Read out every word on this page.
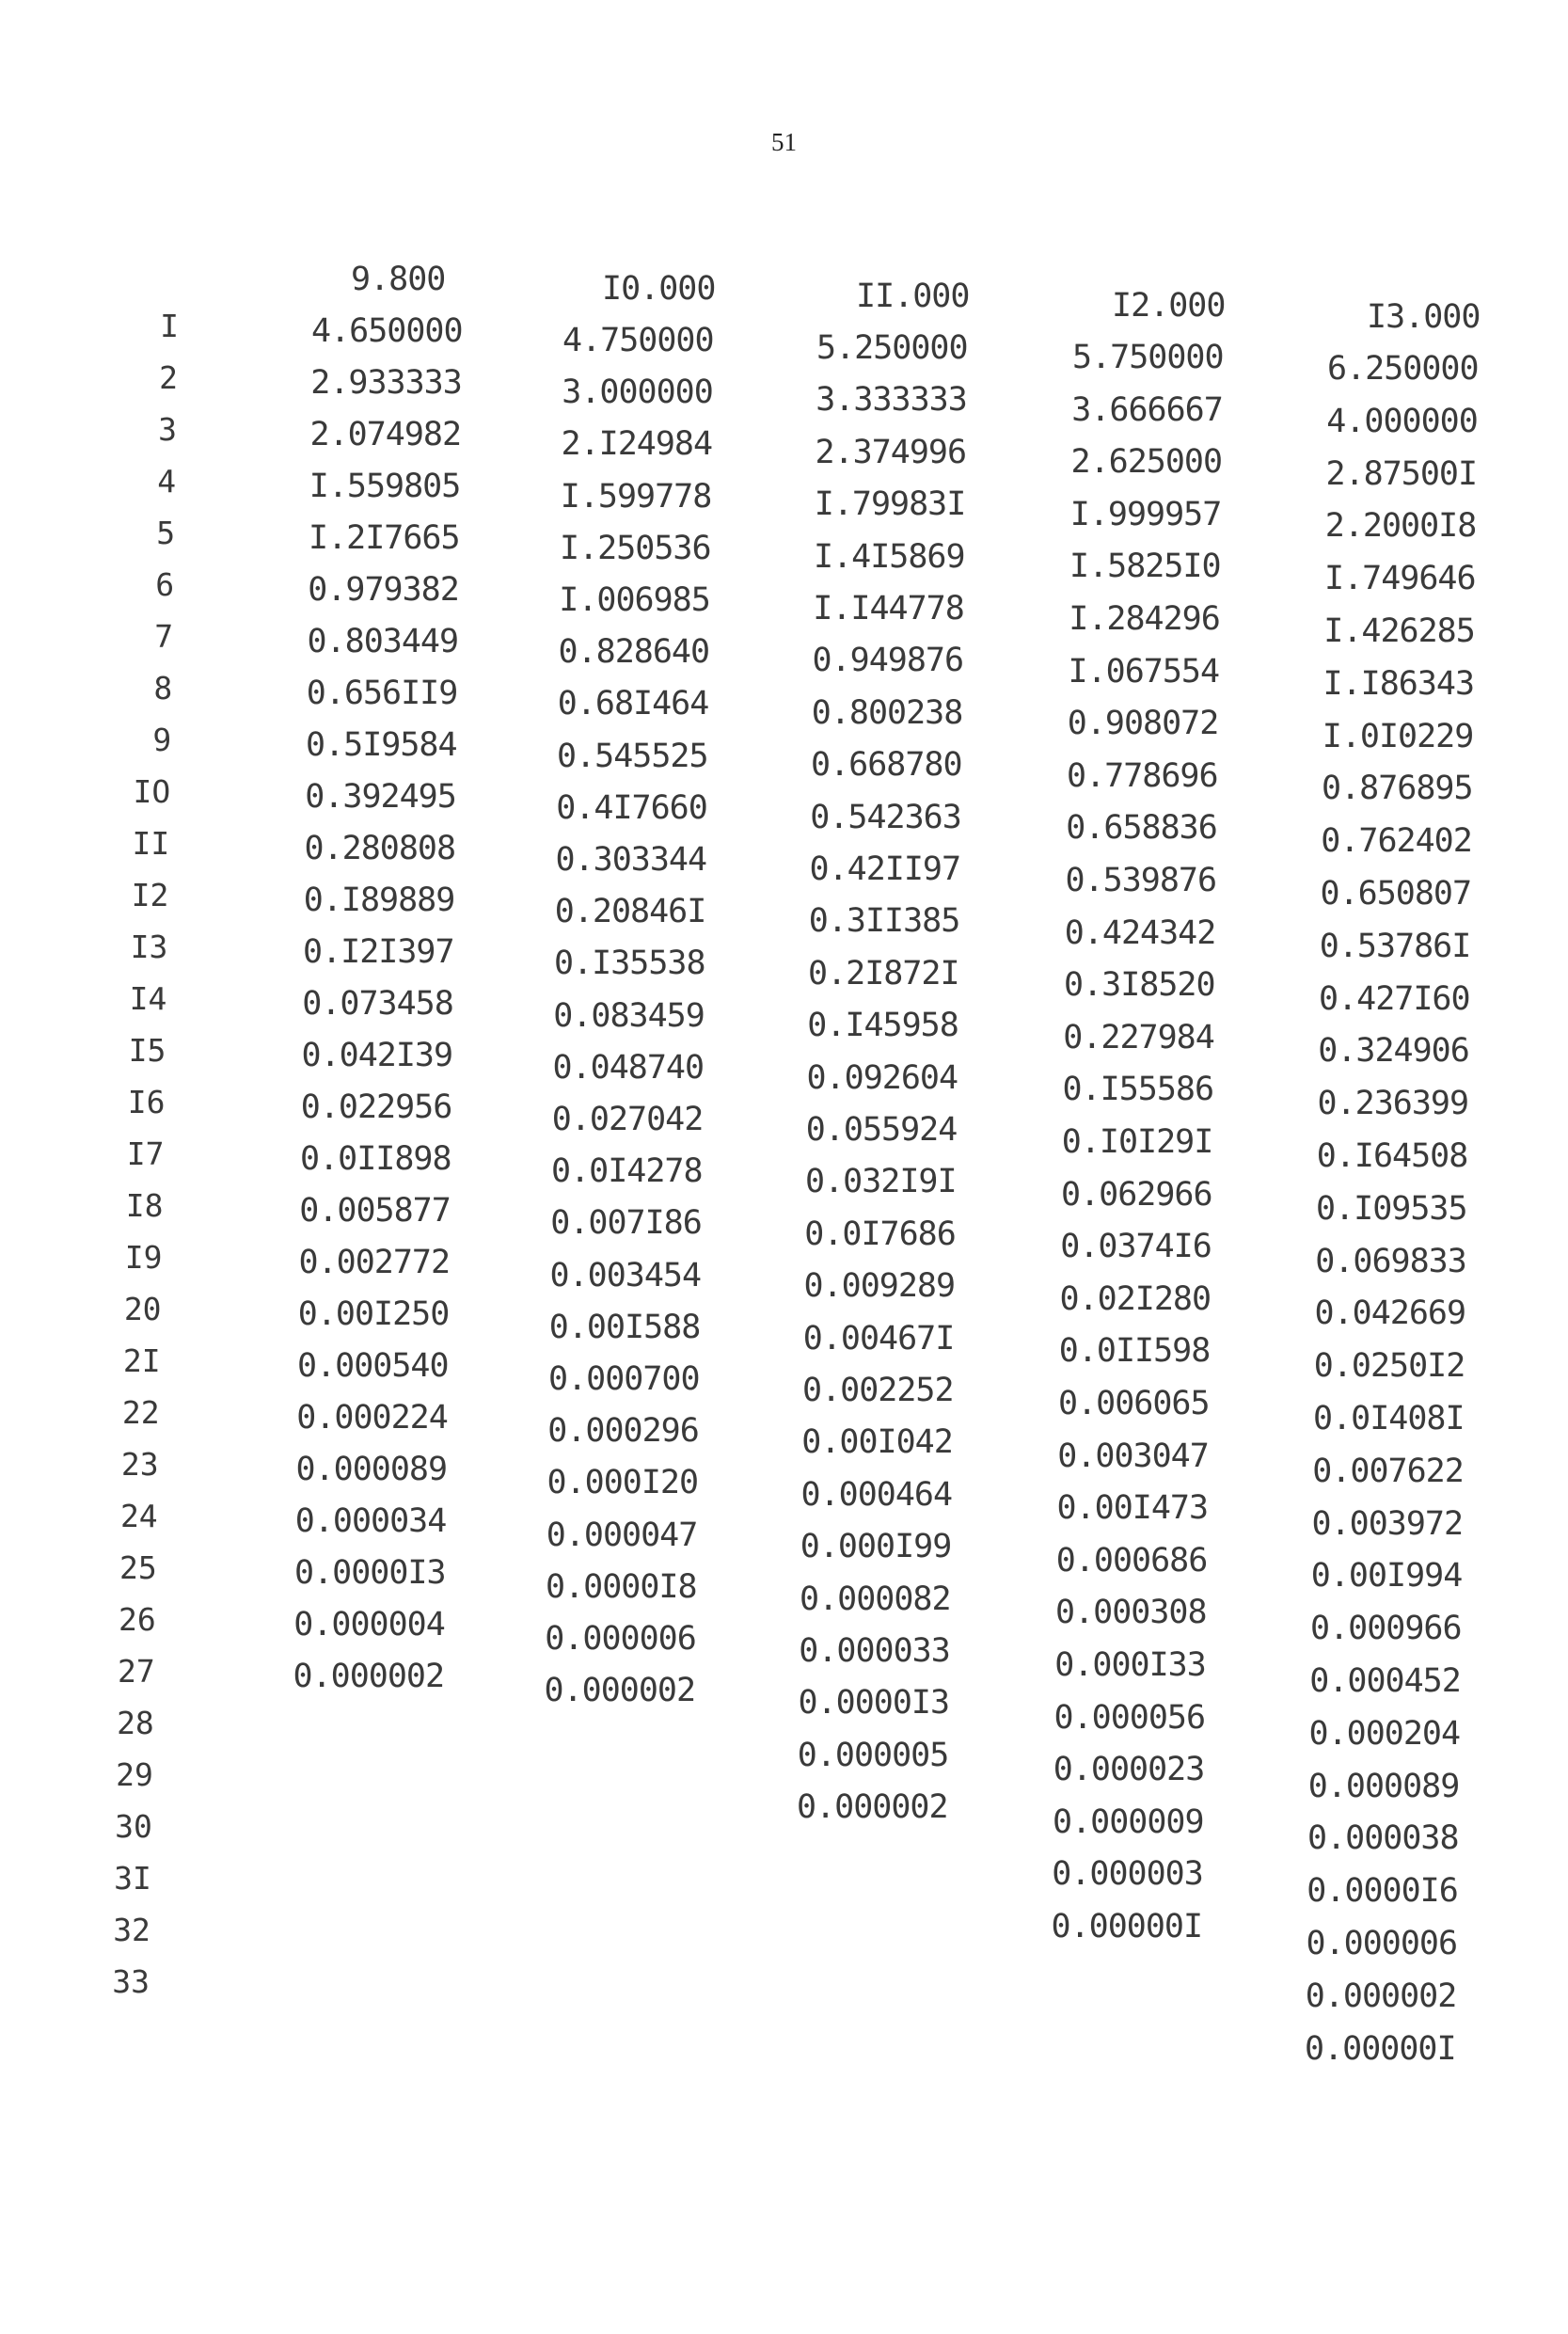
51
I
2
3
4
5
6
7
8
9
IO
II
I2
I3
I4
I5
I6
I7
I8
I9
20
2I
22
23
24
25
26
27
28
29
30
3I
32
33
9.800
4.650000
2.933333
2.074982
I.559805
I.2I7665
0.979382
0.803449
0.656II9
0.5I9584
0.392495
0.280808
0.I89889
0.I2I397
0.073458
0.042I39
0.022956
0.0II898
0.005877
0.002772
0.00I250
0.000540
0.000224
0.000089
0.000034
0.0000I3
0.000004
0.000002
I0.000
4.750000
3.000000
2.I24984
I.599778
I.250536
I.006985
0.828640
0.68I464
0.545525
0.4I7660
0.303344
0.20846I
0.I35538
0.083459
0.048740
0.027042
0.0I4278
0.007I86
0.003454
0.00I588
0.000700
0.000296
0.000I20
0.000047
0.0000I8
0.000006
0.000002
II.000
5.250000
3.333333
2.374996
I.79983I
I.4I5869
I.I44778
0.949876
0.800238
0.668780
0.542363
0.42II97
0.3II385
0.2I872I
0.I45958
0.092604
0.055924
0.032I9I
0.0I7686
0.009289
0.00467I
0.002252
0.00I042
0.000464
0.000I99
0.000082
0.000033
0.0000I3
0.000005
0.000002
I2.000
5.750000
3.666667
2.625000
I.999957
I.5825I0
I.284296
I.067554
0.908072
0.778696
0.658836
0.539876
0.424342
0.3I8520
0.227984
0.I55586
0.I0I29I
0.062966
0.0374I6
0.02I280
0.0II598
0.006065
0.003047
0.00I473
0.000686
0.000308
0.000I33
0.000056
0.000023
0.000009
0.000003
0.00000I
I3.000
6.250000
4.000000
2.87500I
2.2000I8
I.749646
I.426285
I.I86343
I.0I0229
0.876895
0.762402
0.650807
0.53786I
0.427I60
0.324906
0.236399
0.I64508
0.I09535
0.069833
0.042669
0.0250I2
0.0I408I
0.007622
0.003972
0.00I994
0.000966
0.000452
0.000204
0.000089
0.000038
0.0000I6
0.000006
0.000002
0.00000I
